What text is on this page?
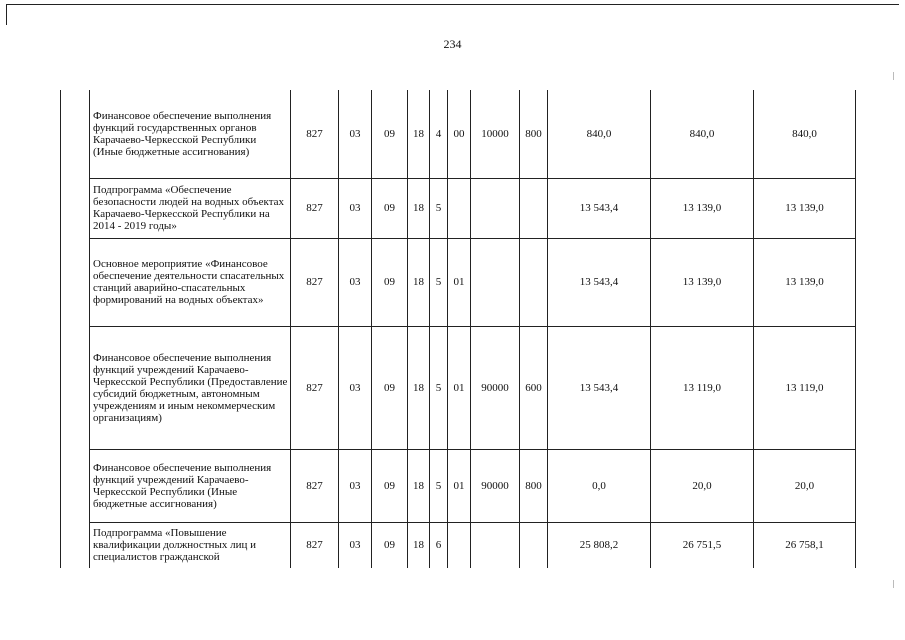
234
	Финансовое обеспечение выполнения функций государственных органов Карачаево-Черкесской Республики (Иные бюджетные ассигнования)	827	03	09	18	4	00	10000	800	840,0	840,0	840,0
	Подпрограмма «Обеспечение безопасности людей на водных объектах Карачаево-Черкесской Республики на 2014 - 2019 годы»	827	03	09	18	5				13 543,4	13 139,0	13 139,0
	Основное мероприятие «Финансовое обеспечение деятельности спасательных станций аварийно-спасательных формирований на водных объектах»	827	03	09	18	5	01			13 543,4	13 139,0	13 139,0
	Финансовое обеспечение выполнения функций учреждений Карачаево-Черкесской Республики (Предоставление субсидий бюджетным, автономным учреждениям и иным некоммерческим организациям)	827	03	09	18	5	01	90000	600	13 543,4	13 119,0	13 119,0
	Финансовое обеспечение выполнения функций учреждений Карачаево-Черкесской Республики (Иные бюджетные ассигнования)	827	03	09	18	5	01	90000	800	0,0	20,0	20,0
	Подпрограмма «Повышение квалификации должностных лиц и специалистов гражданской	827	03	09	18	6				25 808,2	26 751,5	26 758,1
